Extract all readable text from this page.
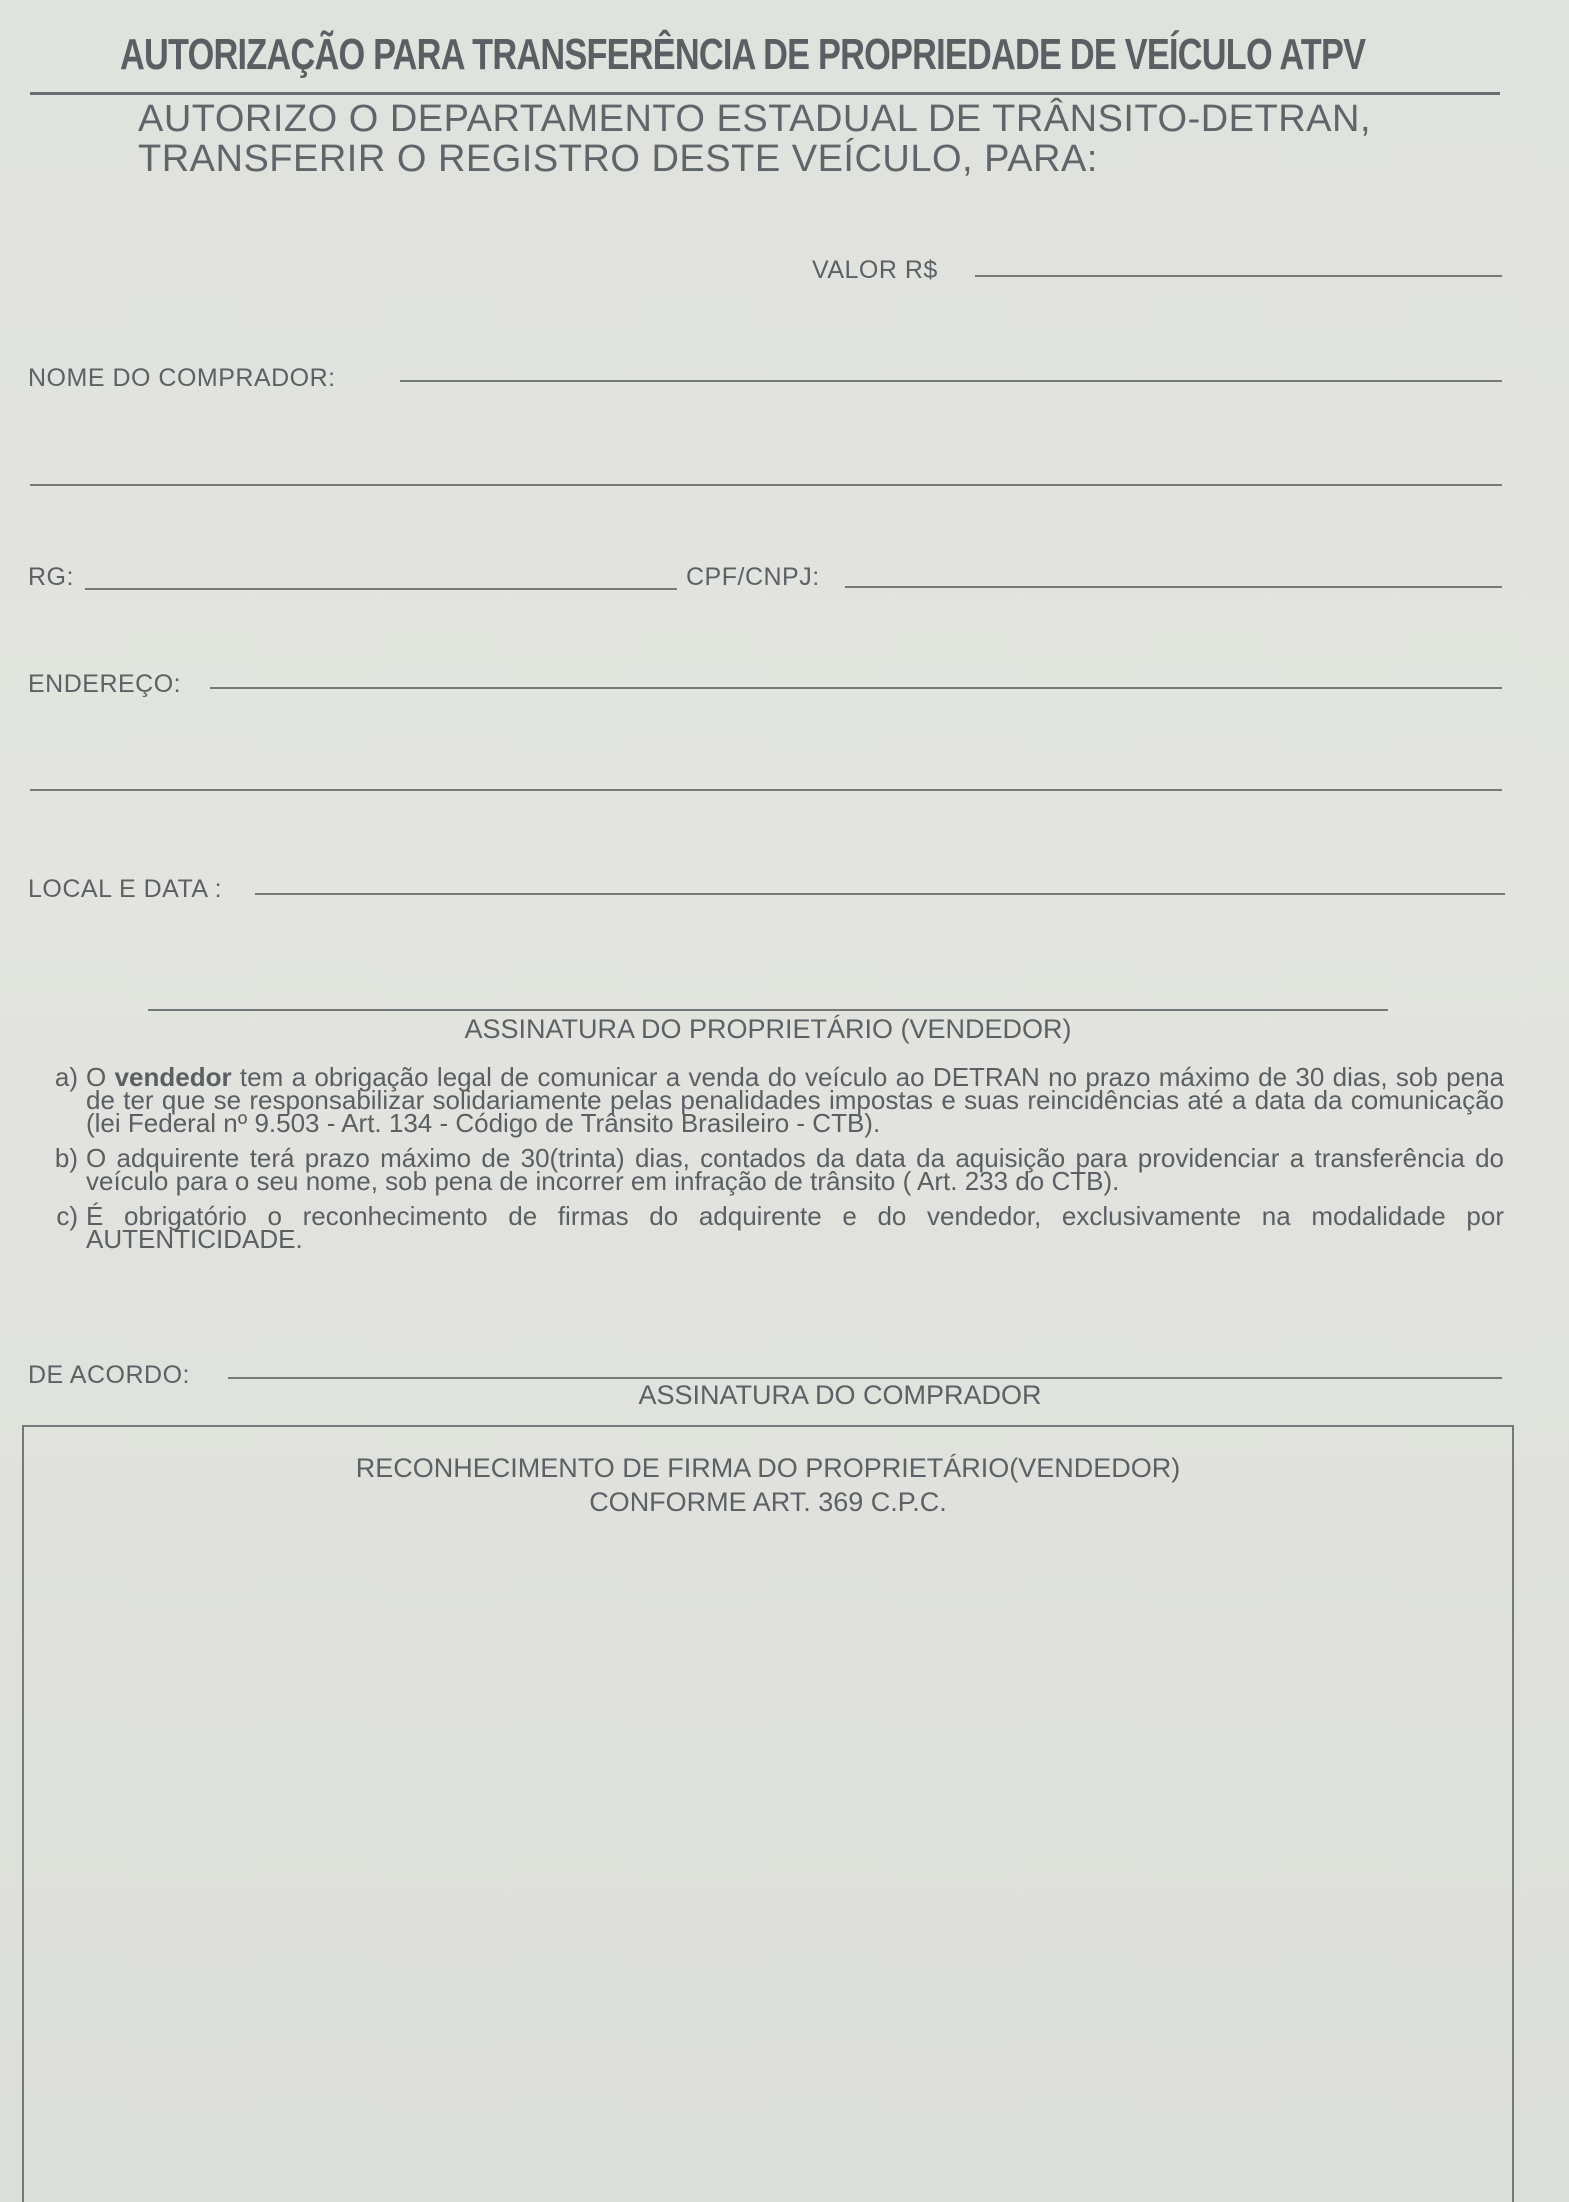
AUTORIZAÇÃO PARA TRANSFERÊNCIA DE PROPRIEDADE DE VEÍCULO ATPV
AUTORIZO O DEPARTAMENTO ESTADUAL DE TRÂNSITO-DETRAN,
TRANSFERIR O REGISTRO DESTE VEÍCULO, PARA:
VALOR R$
NOME DO COMPRADOR:
RG:	CPF/CNPJ:
ENDEREÇO:
LOCAL E DATA :
ASSINATURA DO PROPRIETÁRIO (VENDEDOR)
a) O vendedor tem a obrigação legal de comunicar a venda do veículo ao DETRAN no prazo máximo de 30 dias, sob pena de ter que se responsabilizar solidariamente pelas penalidades impostas e suas reincidências até a data da comunicação (lei Federal nº 9.503 - Art. 134 - Código de Trânsito Brasileiro - CTB).
b) O adquirente terá prazo máximo de 30(trinta) dias, contados da data da aquisição para providenciar a transferência do veículo para o seu nome, sob pena de incorrer em infração de trânsito ( Art. 233 do CTB).
c) É obrigatório o reconhecimento de firmas do adquirente e do vendedor, exclusivamente na modalidade por AUTENTICIDADE.
DE ACORDO:
ASSINATURA DO COMPRADOR
RECONHECIMENTO DE FIRMA DO PROPRIETÁRIO(VENDEDOR)
CONFORME ART. 369 C.P.C.
